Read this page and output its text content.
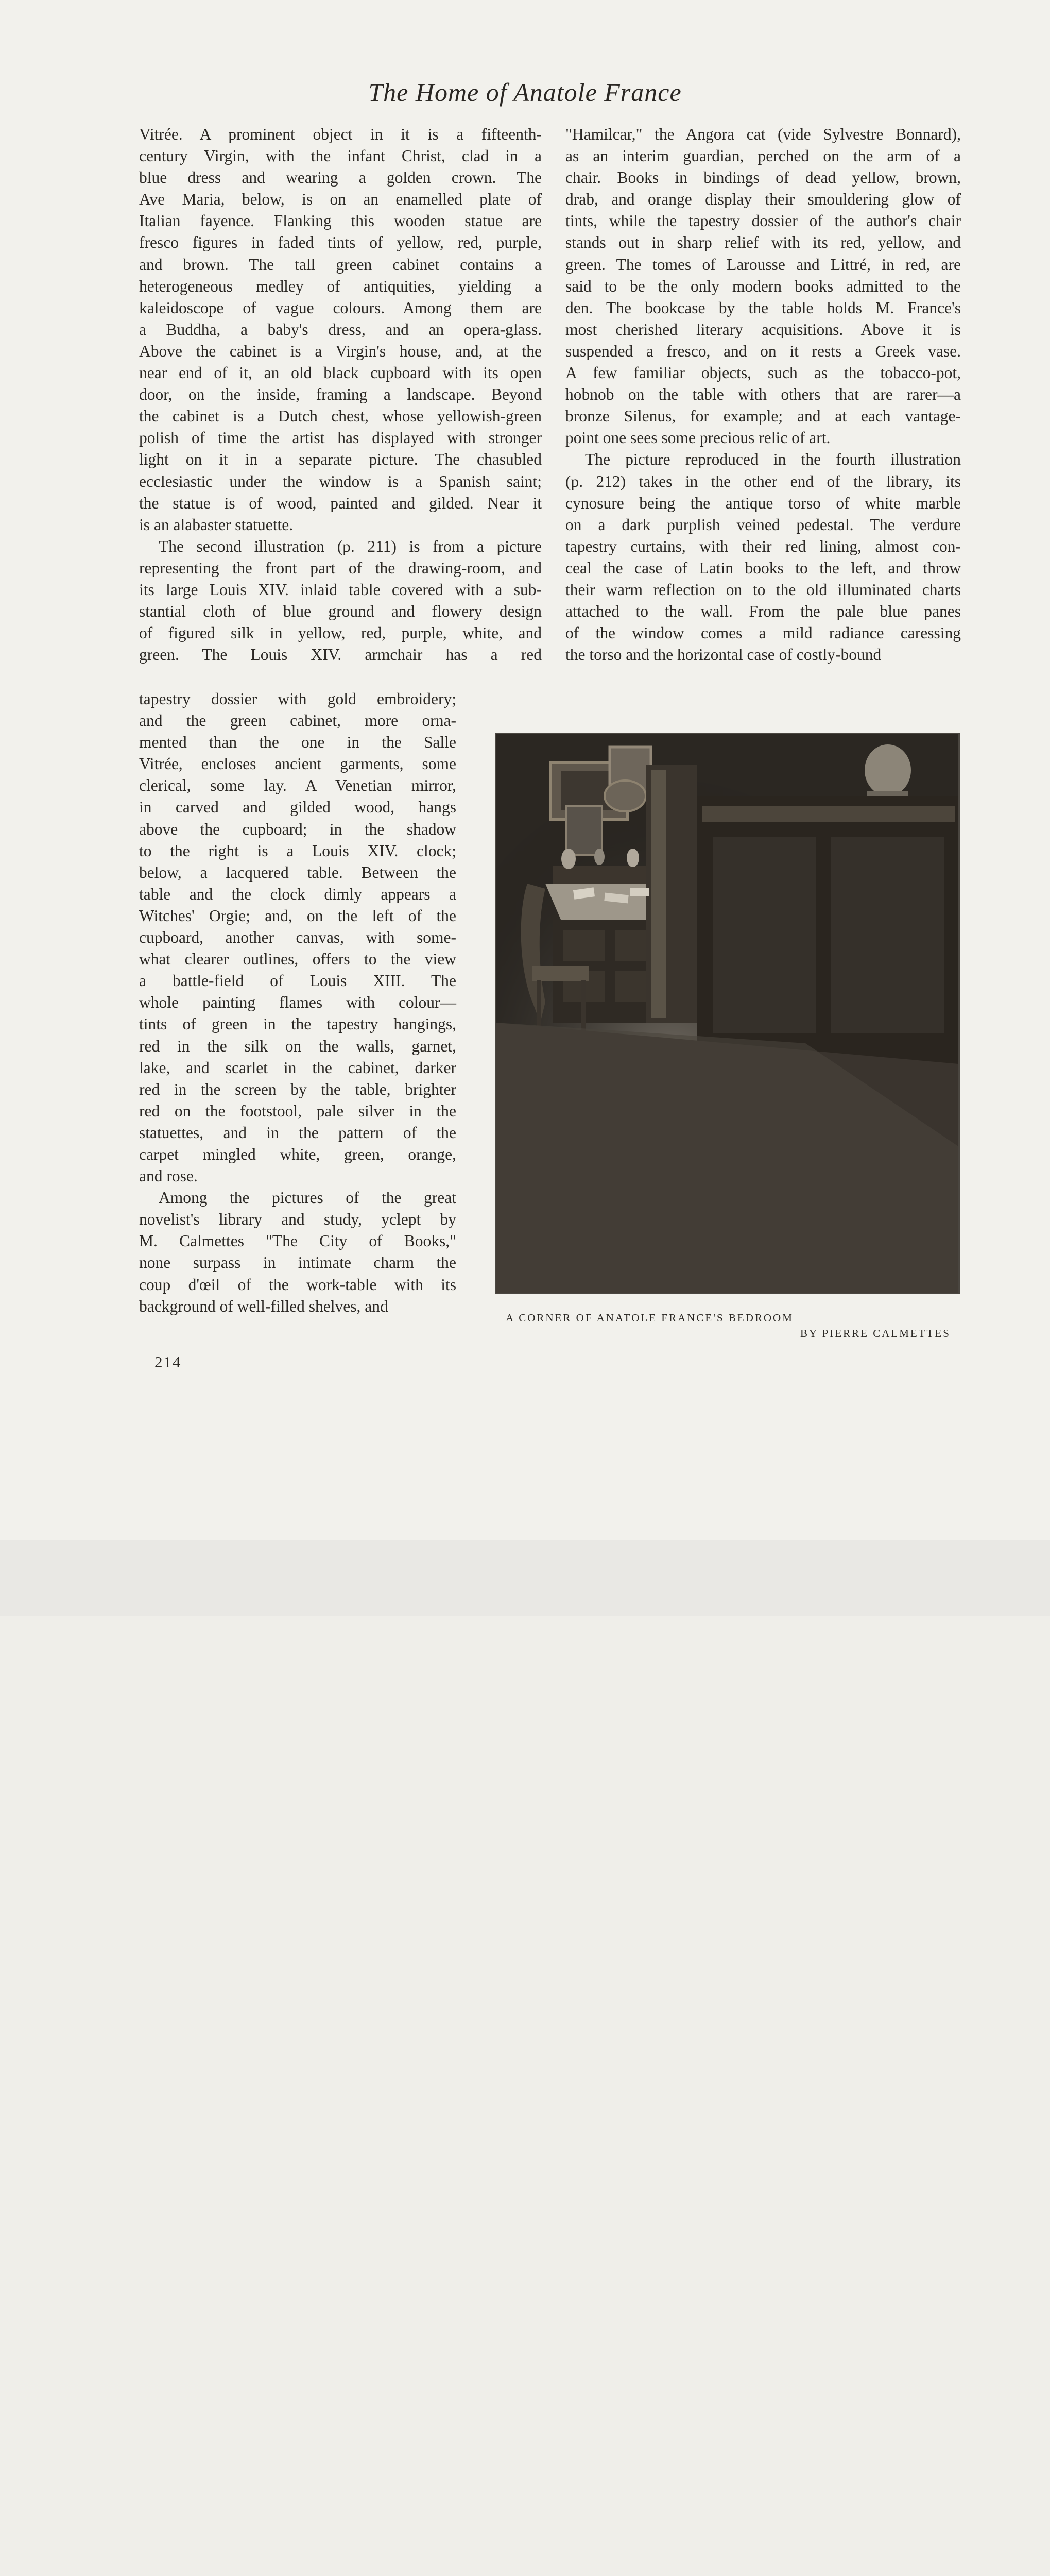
The Home of Anatole France
Vitrée. A prominent object in it is a fifteenth-
century Virgin, with the infant Christ, clad in a
blue dress and wearing a golden crown. The
Ave Maria, below, is on an enamelled plate of
Italian fayence. Flanking this wooden statue are
fresco figures in faded tints of yellow, red, purple,
and brown. The tall green cabinet contains a
heterogeneous medley of antiquities, yielding a
kaleidoscope of vague colours. Among them are
a Buddha, a baby's dress, and an opera-glass.
Above the cabinet is a Virgin's house, and, at the
near end of it, an old black cupboard with its open
door, on the inside, framing a landscape. Beyond
the cabinet is a Dutch chest, whose yellowish-green
polish of time the artist has displayed with stronger
light on it in a separate picture. The chasubled
ecclesiastic under the window is a Spanish saint;
the statue is of wood, painted and gilded. Near it
is an alabaster statuette.
The second illustration (p. 211) is from a picture
representing the front part of the drawing-room, and
its large Louis XIV. inlaid table covered with a sub-
stantial cloth of blue ground and flowery design
of figured silk in yellow, red, purple, white, and
green. The Louis XIV. armchair has a red
"Hamilcar," the Angora cat (vide Sylvestre Bonnard),
as an interim guardian, perched on the arm of a
chair. Books in bindings of dead yellow, brown,
drab, and orange display their smouldering glow of
tints, while the tapestry dossier of the author's chair
stands out in sharp relief with its red, yellow, and
green. The tomes of Larousse and Littré, in red, are
said to be the only modern books admitted to the
den. The bookcase by the table holds M. France's
most cherished literary acquisitions. Above it is
suspended a fresco, and on it rests a Greek vase.
A few familiar objects, such as the tobacco-pot,
hobnob on the table with others that are rarer—a
bronze Silenus, for example; and at each vantage-
point one sees some precious relic of art.
The picture reproduced in the fourth illustration
(p. 212) takes in the other end of the library, its
cynosure being the antique torso of white marble
on a dark purplish veined pedestal. The verdure
tapestry curtains, with their red lining, almost con-
ceal the case of Latin books to the left, and throw
their warm reflection on to the old illuminated charts
attached to the wall. From the pale blue panes
of the window comes a mild radiance caressing
the torso and the horizontal case of costly-bound
tapestry dossier with gold embroidery;
and the green cabinet, more orna-
mented than the one in the Salle
Vitrée, encloses ancient garments, some
clerical, some lay. A Venetian mirror,
in carved and gilded wood, hangs
above the cupboard; in the shadow
to the right is a Louis XIV. clock;
below, a lacquered table. Between the
table and the clock dimly appears a
Witches' Orgie; and, on the left of the
cupboard, another canvas, with some-
what clearer outlines, offers to the view
a battle-field of Louis XIII. The
whole painting flames with colour—
tints of green in the tapestry hangings,
red in the silk on the walls, garnet,
lake, and scarlet in the cabinet, darker
red in the screen by the table, brighter
red on the footstool, pale silver in the
statuettes, and in the pattern of the
carpet mingled white, green, orange,
and rose.
Among the pictures of the great
novelist's library and study, yclept by
M. Calmettes "The City of Books,"
none surpass in intimate charm the
coup d'œil of the work-table with its
background of well-filled shelves, and
A CORNER OF ANATOLE FRANCE'S BEDROOM
BY PIERRE CALMETTES
214
